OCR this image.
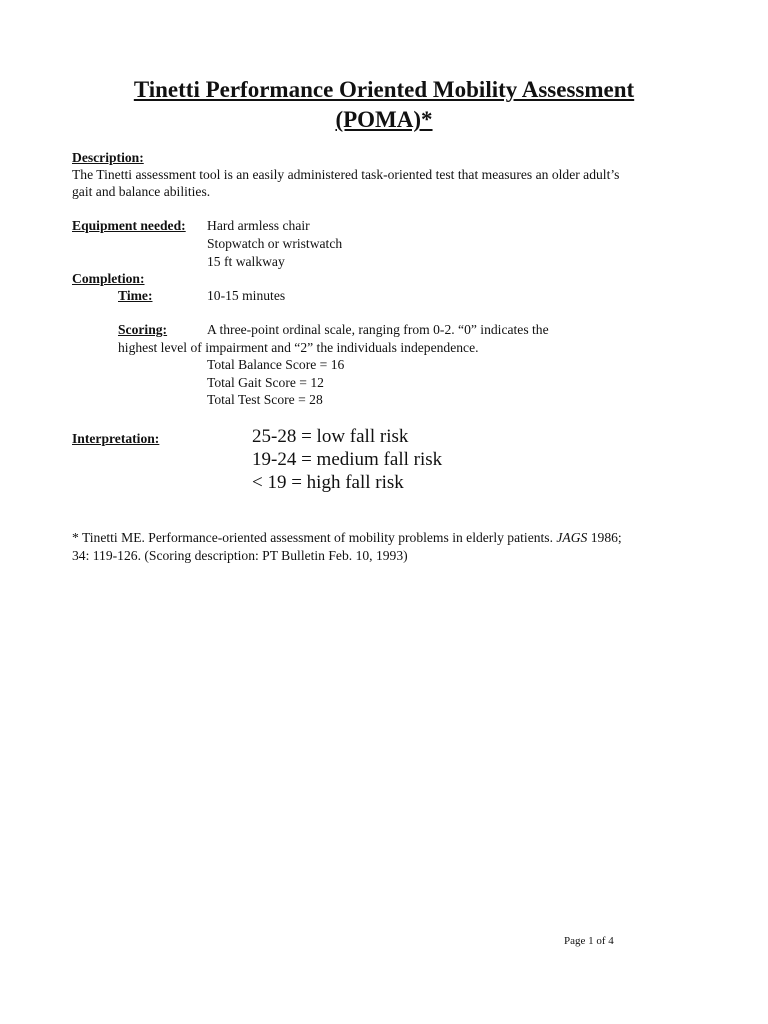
Tinetti Performance Oriented Mobility Assessment
(POMA)*
Description:
The Tinetti assessment tool is an easily administered task-oriented test that measures an older adult’s
gait and balance abilities.
Equipment needed: Hard armless chair
Stopwatch or wristwatch
15 ft walkway
Completion:
Time:	10-15 minutes
Scoring:	A three-point ordinal scale, ranging from 0-2. “0” indicates the
highest level of impairment and “2” the individuals independence.
Total Balance Score = 16
Total Gait Score = 12
Total Test Score = 28
Interpretation:	25-28 = low fall risk
19-24 = medium fall risk
< 19 = high fall risk
* Tinetti ME. Performance-oriented assessment of mobility problems in elderly patients. JAGS 1986;
34: 119-126. (Scoring description: PT Bulletin Feb. 10, 1993)
Page 1 of 4
